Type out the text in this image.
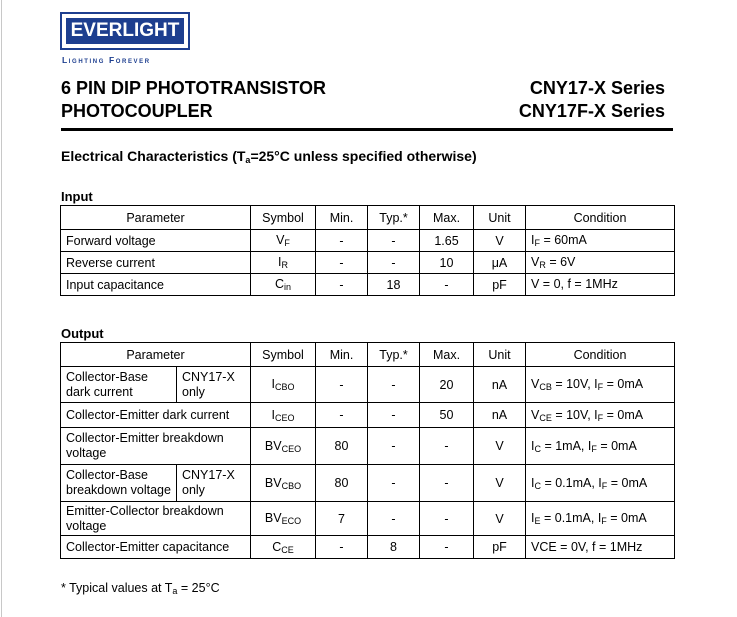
EVERLIGHT
Lighting Forever
6 PIN DIP PHOTOTRANSISTOR
PHOTOCOUPLER
CNY17-X Series
CNY17F-X Series
Electrical Characteristics ($T_a=25^\circ C$ unless specified otherwise)
Input
Parameter	Symbol	Min.	Typ.*	Max.	Unit	Condition
Forward voltage	$V_F$	-	-	1.65	V	$I_F = 60mA$
Reverse current	$I_R$	-	-	10	μA	$V_R = 6V$
Input capacitance	$C_{in}$	-	18	-	pF	V = 0, f = 1MHz
Output
Parameter		Symbol	Min.	Typ.*	Max.	Unit	Condition
Collector-Base dark current	CNY17-X only	$I_{CBO}$	-	-	20	nA	$V_{CB} = 10V$, $I_F = 0mA$
Collector-Emitter dark current		$I_{CEO}$	-	-	50	nA	$V_{CE} = 10V$, $I_F = 0mA$
Collector-Emitter breakdown voltage		$BV_{CEO}$	80	-	-	V	$I_C = 1mA$, $I_F = 0mA$
Collector-Base breakdown voltage	CNY17-X only	$BV_{CBO}$	80	-	-	V	$I_C = 0.1mA$, $I_F = 0mA$
Emitter-Collector breakdown voltage		$BV_{ECO}$	7	-	-	V	$I_E = 0.1mA$, $I_F = 0mA$
Collector-Emitter capacitance		$C_{CE}$	-	8	-	pF	VCE = 0V, f = 1MHz
* Typical values at $T_a = 25^\circ C$
